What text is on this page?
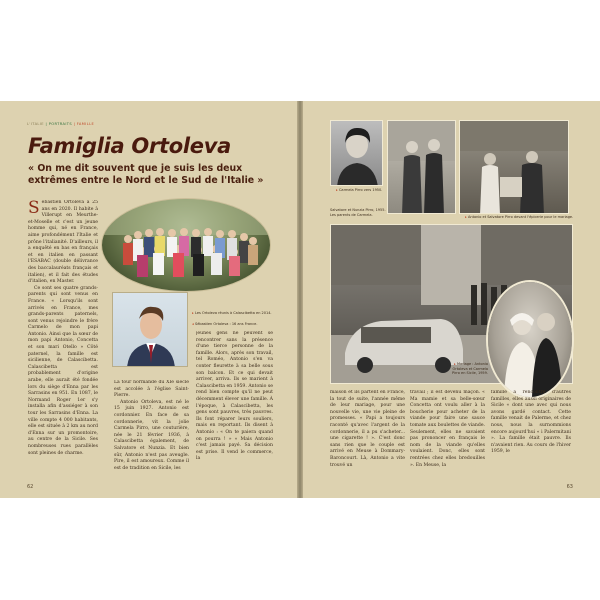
L'ITALIE | PORTRAITS | FAMILLE
Famiglia Ortoleva
« On me dit souvent que je suis les deux extrêmes entre le Nord et le Sud de l'Italie »
S ébastien Ortoleva a 25 ans en 2020. Il habite à Villerupt en Meurthe-et-Moselle et c'est un jeune homme qui, né en France, aime profondément l'Italie et prône l'italianité. D'ailleurs, il a enquêté en bas en français et en italien en passant l'ESABAC (double délivrance des baccalauréats français et italien), et il fait des études d'italien, en Master.
Ce sont ses quatre grands-parents qui sont venus en France. « Lorsqu'ils sont arrivés en France, mes grands-parents paternels, sont venus rejoindre le frère Carmelo de mon papi Antonio. Ainsi que la sœur de mon papi Antonio, Concetta et son mari Otello » Côté paternel, la famille est sicilienne, de Calascibetta. Calascibetta est probablement d'origine arabe, elle aurait été fondée lors du siège d'Enna par les Sarrasins en 951. En 1087, le Normand Roger 1er s'y installa afin d'assiéger à son tour les Sarrasins d'Enna. La ville compte 4 000 habitants, elle est située à 2 km au nord d'Enna sur un promontoire, au centre de la Sicile. Ses nombreuses rues parallèles sont pleines de charme.
▸ Les Ortoleva réunis à Calascibetta en 2014.
◂ Sébastien Ortoleva : 16 ans France.
La tour normande du XIe siècle est accolée à l'église Saint-Pierre.
Antonio Ortoleva, est né le 15 juin 1927. Antonio est cordonnier. En face de sa cordonnerie, vit la jolie Carmela Pirro, une couturière, née le 21 février 1936, à Calascibetta également, de Salvatore et Nunzia. Et bien sûr, Antonio n'est pas aveugle. Pire, il est amoureux. Comme il est de tradition en Sicile, les
jeunes gens ne peuvent se rencontrer sans la présence d'une tierce personne de la famille. Alors, après son travail, tel Roméo, Antonio s'en va conter fleurette à sa belle sous son balcon. Et ce qui devait arriver, arriva. Ils se marient à Calascibetta en 1959. Antonio se rend bien compte qu'il ne peut décemment élever une famille. À l'époque, à Calascibetta, les gens sont pauvres, très pauvres. Ils font réparer leurs souliers, mais en reportant. Ils disent à Antonio : « On te paiera quand on pourra ! » « Mais Antonio c'est jamais payé. Sa décision est prise. Il vend le commerce, la
62
▸ Carmela Pirro vers 1950.
Salvatore et Nunzia Pirro, 1955. Les parents de Carmela.
▸ Antonio et Salvatore Pirro devant l'épicerie pour le mariage.
▸ Mariage : Antonio Ortoleva et Carmela Pirro en Sicile, 1959.
maison et ils partent en France, la tout de suite, l'année même de leur mariage, pour une nouvelle vie, une vie pleine de promesses. « Papi a toujours raconté qu'avec l'argent de la cordonnerie, il a pu s'acheter... une cigarette ! ». C'est donc sans rien que le couple est arrivé en Meuse à Dommary-Baroncourt. Là, Antonio a vite trouvé un
travail ; il est devenu maçon. « Ma mamie et sa belle-sœur Concetta ont voulu aller à la boucherie pour acheter de la viande pour faire une sauce tomate aux boulettes de viande. Seulement, elles ne savaient pas prononcer en français le nom de la viande qu'elles voulaient. Donc, elles sont rentrées chez elles bredouilles ». En Meuse, la
famille a rencontré d'autres familles, elles aussi originaires de Sicile « dont une avec qui nous avons gardé contact. Cette famille venait de Palerme, et chez nous, nous la surnommions encore aujourd'hui « i Palermitani ». La famille était pauvre. Ils n'avaient rien. Au cours de l'hiver 1959, le
63
